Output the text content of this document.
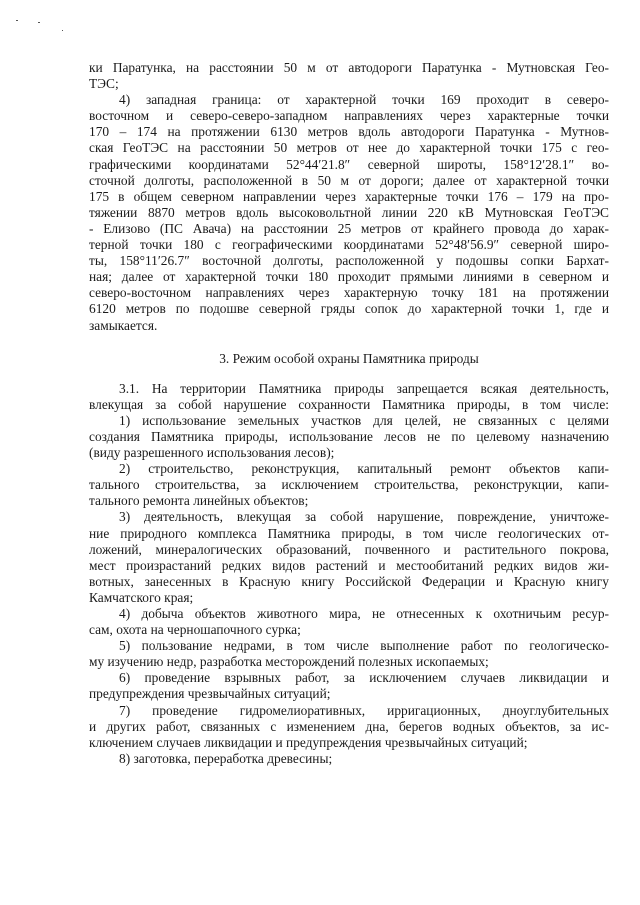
ки Паратунка, на расстоянии 50 м от автодороги Паратунка - Мутновская Гео-
ТЭС;
4) западная граница: от характерной точки 169 проходит в северо-
восточном и северо-северо-западном направлениях через характерные точки
170 – 174 на протяжении 6130 метров вдоль автодороги Паратунка - Мутнов-
ская ГеоТЭС на расстоянии 50 метров от нее до характерной точки 175 с гео-
графическими координатами 52°44′21.8″ северной широты, 158°12′28.1″ во-
сточной долготы, расположенной в 50 м от дороги; далее от характерной точки
175 в общем северном направлении через характерные точки 176 – 179 на про-
тяжении 8870 метров вдоль высоковольтной линии 220 кВ Мутновская ГеоТЭС
- Елизово (ПС Авача) на расстоянии 25 метров от крайнего провода до харак-
терной точки 180 с географическими координатами 52°48′56.9″ северной широ-
ты, 158°11′26.7″ восточной долготы, расположенной у подошвы сопки Бархат-
ная; далее от характерной точки 180 проходит прямыми линиями в северном и
северо-восточном направлениях через характерную точку 181 на протяжении
6120 метров по подошве северной гряды сопок до характерной точки 1, где и
замыкается.
3. Режим особой охраны Памятника природы
3.1. На территории Памятника природы запрещается всякая деятельность,
влекущая за собой нарушение сохранности Памятника природы, в том числе:
1) использование земельных участков для целей, не связанных с целями
создания Памятника природы, использование лесов не по целевому назначению
(виду разрешенного использования лесов);
2) строительство, реконструкция, капитальный ремонт объектов капи-
тального строительства, за исключением строительства, реконструкции, капи-
тального ремонта линейных объектов;
3) деятельность, влекущая за собой нарушение, повреждение, уничтоже-
ние природного комплекса Памятника природы, в том числе геологических от-
ложений, минералогических образований, почвенного и растительного покрова,
мест произрастаний редких видов растений и местообитаний редких видов жи-
вотных, занесенных в Красную книгу Российской Федерации и Красную книгу
Камчатского края;
4) добыча объектов животного мира, не отнесенных к охотничьим ресур-
сам, охота на черношапочного сурка;
5) пользование недрами, в том числе выполнение работ по геологическо-
му изучению недр, разработка месторождений полезных ископаемых;
6) проведение взрывных работ, за исключением случаев ликвидации и
предупреждения чрезвычайных ситуаций;
7) проведение гидромелиоративных, ирригационных, дноуглубительных
и других работ, связанных с изменением дна, берегов водных объектов, за ис-
ключением случаев ликвидации и предупреждения чрезвычайных ситуаций;
8) заготовка, переработка древесины;
